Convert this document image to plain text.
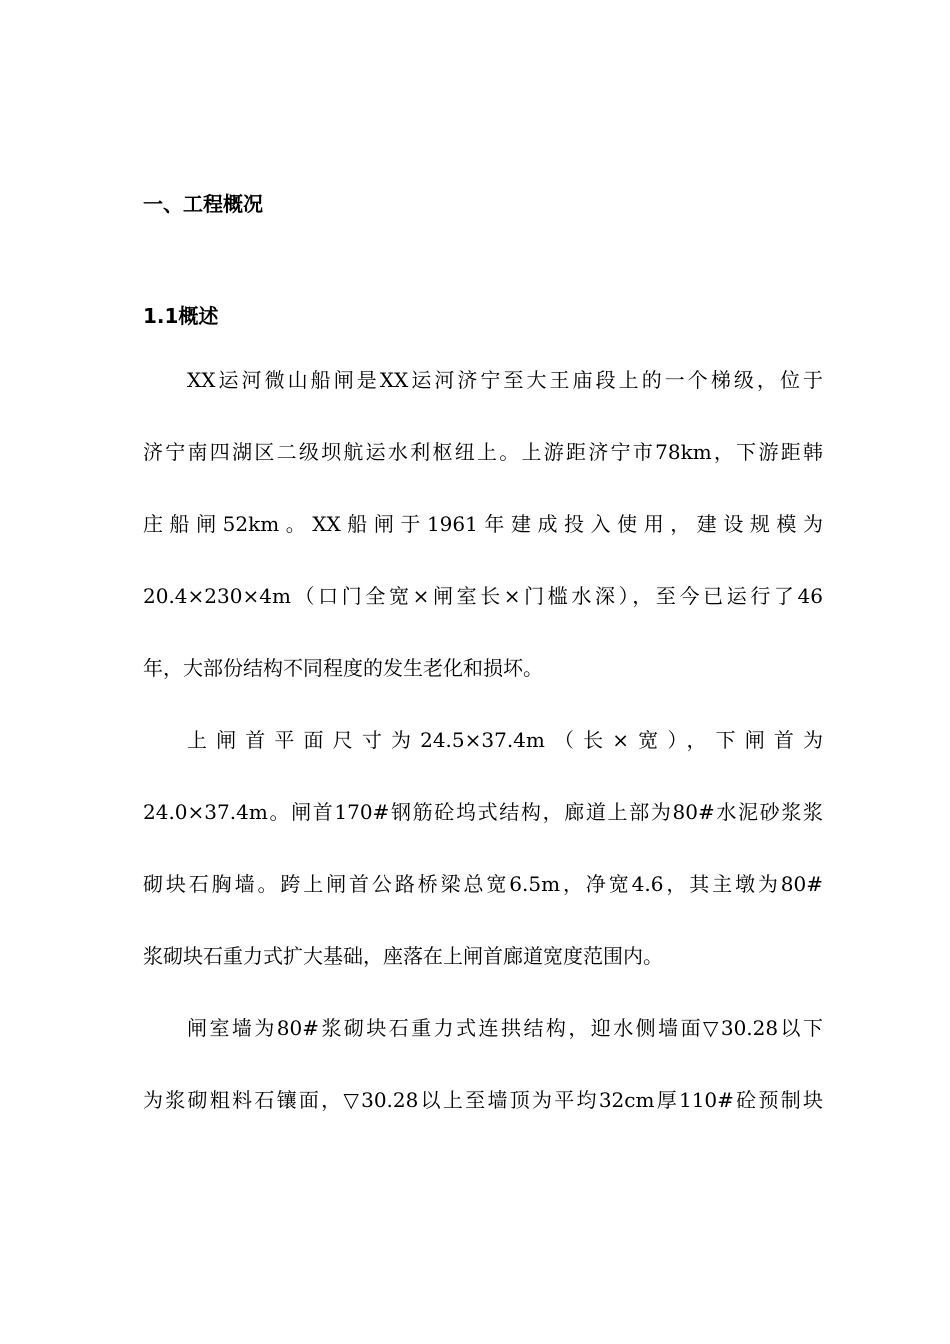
一、工程概况
1.1概述
XX运河微山船闸是XX运河济宁至大王庙段上的一个梯级，位于
济宁南四湖区二级坝航运水利枢纽上。上游距济宁市78km，下游距韩
庄船闸52km。XX船闸于1961年建成投入使用，建设规模为
20.4×230×4m（口门全宽×闸室长×门槛水深），至今已运行了46
年，大部份结构不同程度的发生老化和损坏。
上闸首平面尺寸为24.5×37.4m（长×宽），下闸首为
24.0×37.4m。闸首170#钢筋砼坞式结构，廊道上部为80#水泥砂浆浆
砌块石胸墙。跨上闸首公路桥梁总宽6.5m，净宽4.6，其主墩为80#
浆砌块石重力式扩大基础，座落在上闸首廊道宽度范围内。
闸室墙为80#浆砌块石重力式连拱结构，迎水侧墙面▽30.28以下
为浆砌粗料石镶面，▽30.28以上至墙顶为平均32cm厚110#砼预制块
